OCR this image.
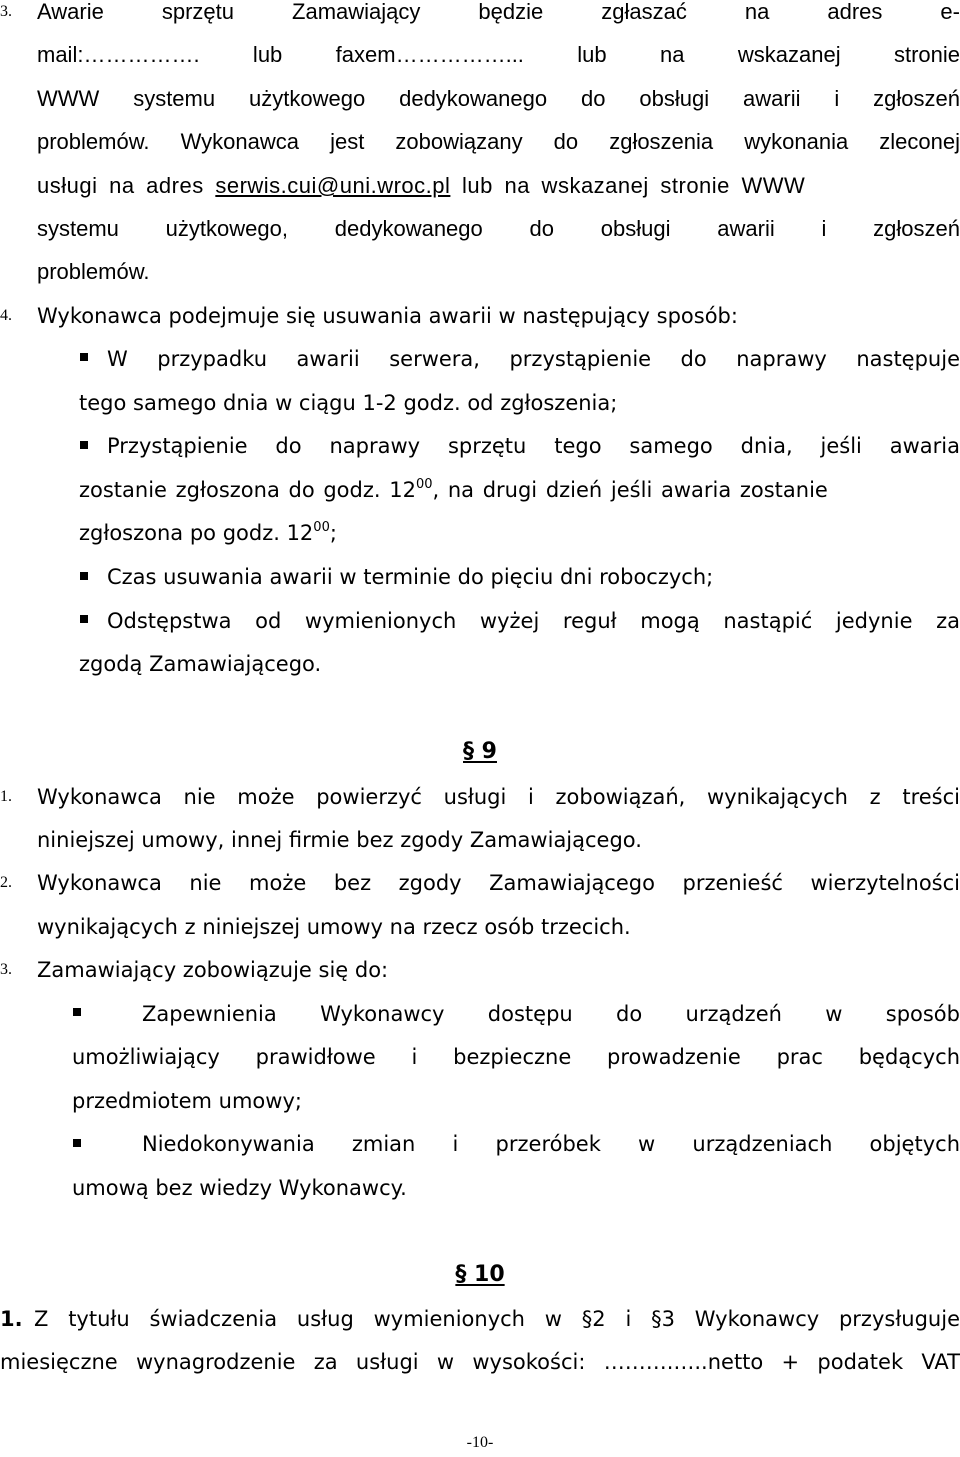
3. Awarie sprzętu Zamawiający będzie zgłaszać na adres e-
mail:……………. lub faxem……………... lub na wskazanej stronie
WWW systemu użytkowego dedykowanego do obsługi awarii i zgłoszeń
problemów. Wykonawca jest zobowiązany do zgłoszenia wykonania zleconej
usługi na adres serwis.cui@uni.wroc.pl lub na wskazanej stronie WWW
systemu użytkowego, dedykowanego do obsługi awarii i zgłoszeń
problemów.
4. Wykonawca podejmuje się usuwania awarii w następujący sposób:
W przypadku awarii serwera, przystąpienie do naprawy następuje
tego samego dnia w ciągu 1-2 godz. od zgłoszenia;
Przystąpienie do naprawy sprzętu tego samego dnia, jeśli awaria
zostanie zgłoszona do godz. $12^{00}$, na drugi dzień jeśli awaria zostanie
zgłoszona po godz. $12^{00}$;
Czas usuwania awarii w terminie do pięciu dni roboczych;
Odstępstwa od wymienionych wyżej reguł mogą nastąpić jedynie za
zgodą Zamawiającego.
§ 9
1. Wykonawca nie może powierzyć usługi i zobowiązań, wynikających z treści
niniejszej umowy, innej firmie bez zgody Zamawiającego.
2. Wykonawca nie może bez zgody Zamawiającego przenieść wierzytelności
wynikających z niniejszej umowy na rzecz osób trzecich.
3. Zamawiający zobowiązuje się do:
Zapewnienia Wykonawcy dostępu do urządzeń w sposób
umożliwiający prawidłowe i bezpieczne prowadzenie prac będących
przedmiotem umowy;
Niedokonywania zmian i przeróbek w urządzeniach objętych
umową bez wiedzy Wykonawcy.
§ 10
1. Z tytułu świadczenia usług wymienionych w §2 i §3 Wykonawcy przysługuje
miesięczne wynagrodzenie za usługi w wysokości: ……….…..netto + podatek VAT
-10-
